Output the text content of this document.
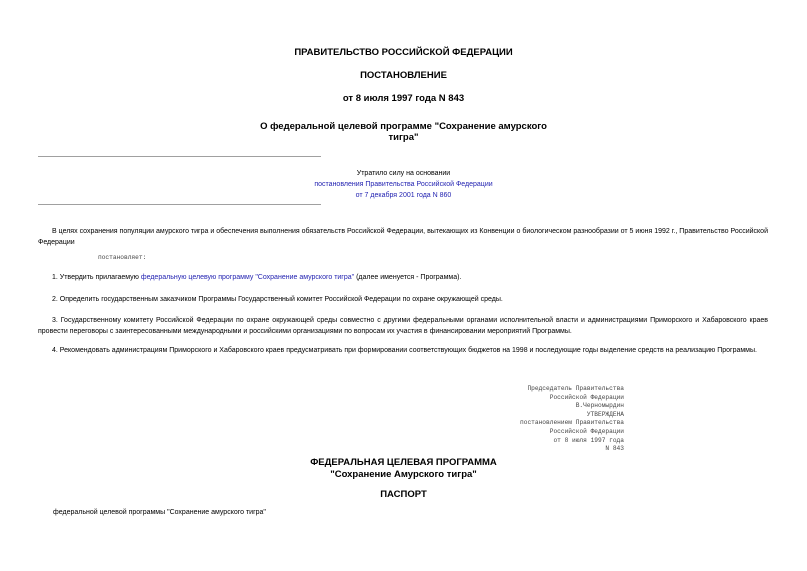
ПРАВИТЕЛЬСТВО РОССИЙСКОЙ ФЕДЕРАЦИИ
ПОСТАНОВЛЕНИЕ
от 8 июля 1997 года N 843
О федеральной целевой программе "Сохранение амурского
тигра"
Утратило силу на основании
постановления Правительства Российской Федерации
от 7 декабря 2001 года N 860
В целях сохранения популяции амурского тигра и обеспечения выполнения обязательств Российской Федерации, вытекающих из Конвенции о биологическом разнообразии от 5 июня 1992 г., Правительство Российской Федерации
постановляет:
1. Утвердить прилагаемую федеральную целевую программу "Сохранение амурского тигра" (далее именуется - Программа).
2. Определить государственным заказчиком Программы Государственный комитет Российской Федерации по охране окружающей среды.
3. Государственному комитету Российской Федерации по охране окружающей среды совместно с другими федеральными органами исполнительной власти и администрациями Приморского и Хабаровского краев провести переговоры с заинтересованными международными и российскими организациями по вопросам их участия в финансировании мероприятий Программы.
4. Рекомендовать администрациям Приморского и Хабаровского краев предусматривать при формировании соответствующих бюджетов на 1998 и последующие годы выделение средств на реализацию Программы.
Председатель Правительства
Российской Федерации
В.Черномырдин
УТВЕРЖДЕНА
постановлением Правительства
Российской Федерации
от 8 июля 1997 года
N 843
ФЕДЕРАЛЬНАЯ ЦЕЛЕВАЯ ПРОГРАММА
"Сохранение Амурского тигра"
ПАСПОРТ
федеральной целевой программы "Сохранение амурского тигра"
